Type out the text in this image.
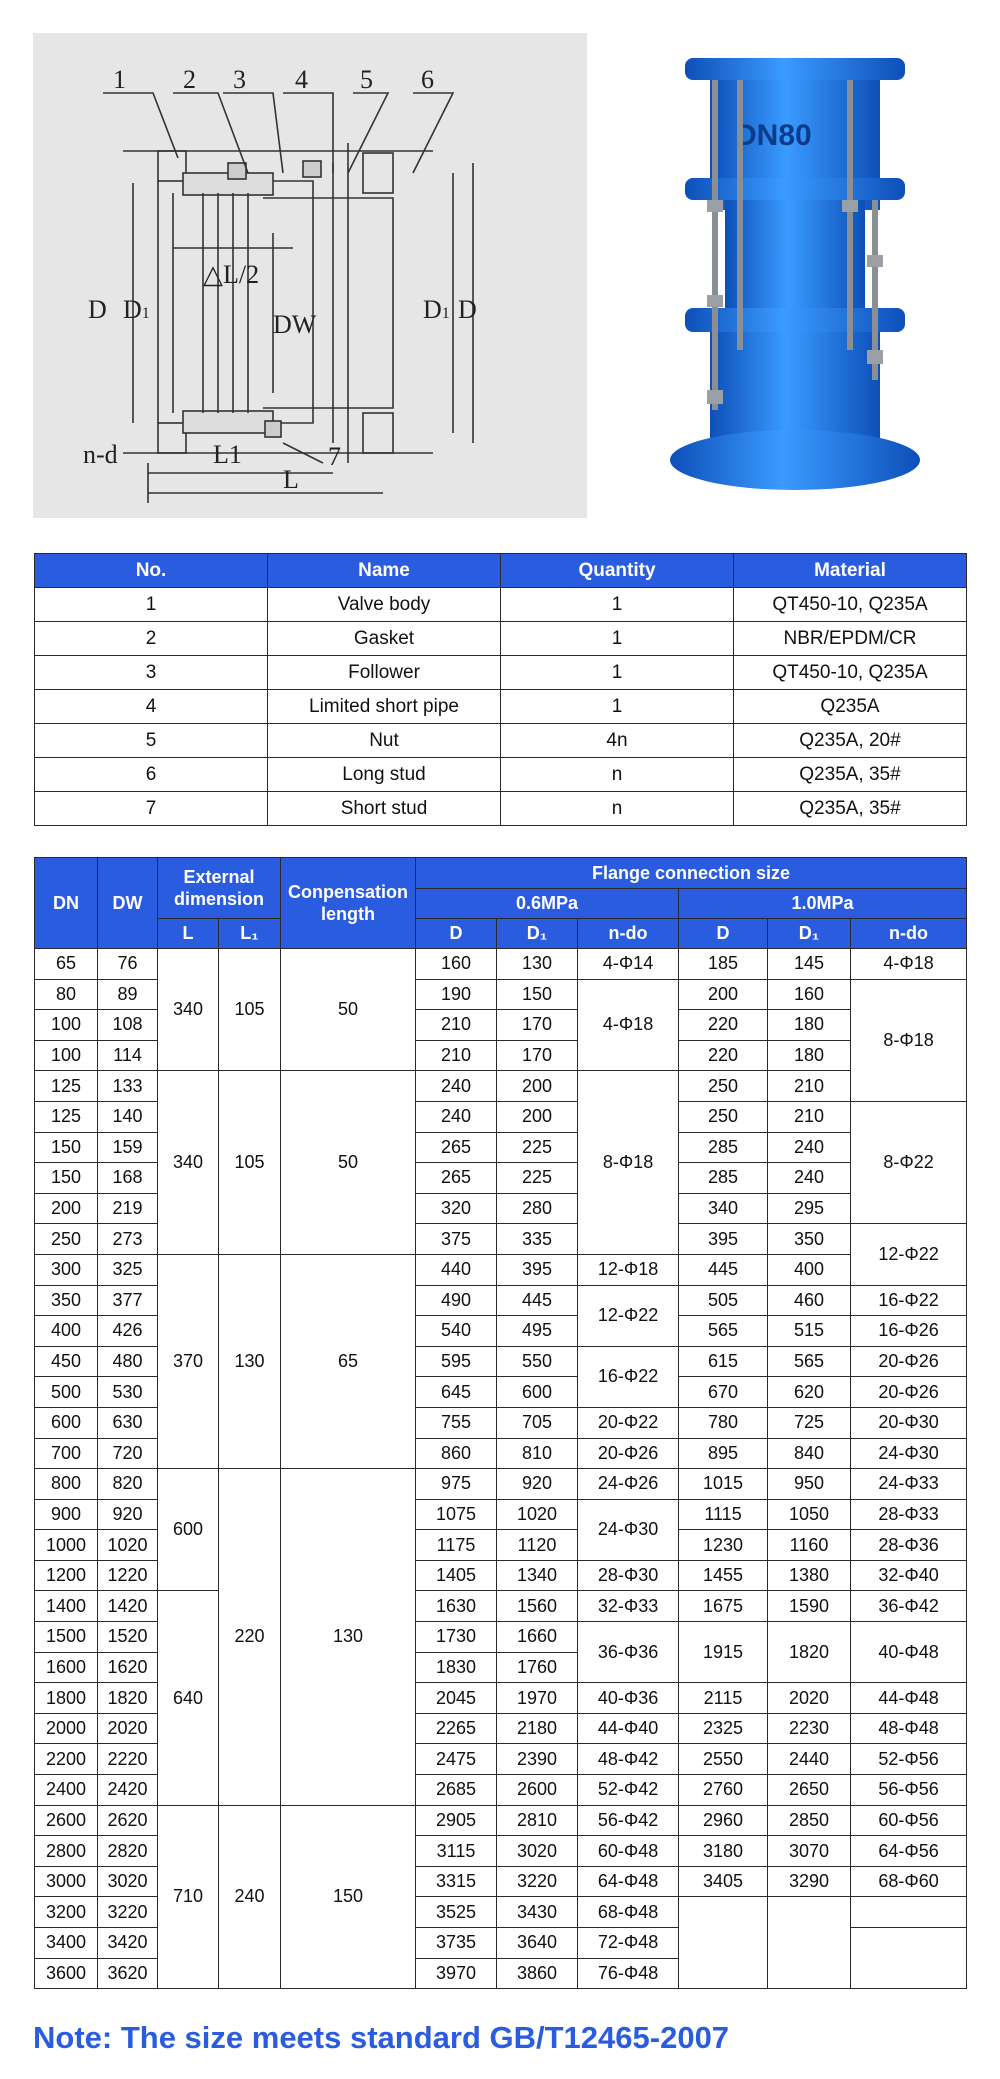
1 2 3 4 5 6
7
D D1	DW
△L/2
L1
L
n-d
D1 D
DN80
No.	Name	Quantity	Material
1	Valve body	1	QT450-10, Q235A
2	Gasket	1	NBR/EPDM/CR
3	Follower	1	QT450-10, Q235A
4	Limited short pipe	1	Q235A
5	Nut	4n	Q235A, 20#
6	Long stud	n	Q235A, 35#
7	Short stud	n	Q235A, 35#
DN	DW	External dimension		Conpensation length	Flange connection size					
					0.6MPa			1.0MPa		
		L	L₁		D	D₁	n-do	D	D₁	n-do
65	76	340	105	50	160	130	4-Φ14	185	145	4-Φ18
80	89				190	150	4-Φ18	200	160	8-Φ18
100	108				210	170		220	180	
100	114				210	170		220	180	
125	133	340	105	50	240	200	8-Φ18	250	210	
125	140				240	200		250	210	8-Φ22
150	159				265	225		285	240	
150	168				265	225		285	240	
200	219				320	280		340	295	
250	273				375	335		395	350	12-Φ22
300	325	370	130	65	440	395	12-Φ18	445	400	
350	377				490	445	12-Φ22	505	460	16-Φ22
400	426				540	495		565	515	16-Φ26
450	480				595	550	16-Φ22	615	565	20-Φ26
500	530				645	600		670	620	20-Φ26
600	630				755	705	20-Φ22	780	725	20-Φ30
700	720				860	810	20-Φ26	895	840	24-Φ30
800	820	600	220	130	975	920	24-Φ26	1015	950	24-Φ33
900	920				1075	1020	24-Φ30	1115	1050	28-Φ33
1000	1020				1175	1120		1230	1160	28-Φ36
1200	1220				1405	1340	28-Φ30	1455	1380	32-Φ40
1400	1420	640			1630	1560	32-Φ33	1675	1590	36-Φ42
1500	1520				1730	1660	36-Φ36	1915	1820	40-Φ48
1600	1620				1830	1760				
1800	1820				2045	1970	40-Φ36	2115	2020	44-Φ48
2000	2020				2265	2180	44-Φ40	2325	2230	48-Φ48
2200	2220				2475	2390	48-Φ42	2550	2440	52-Φ56
2400	2420				2685	2600	52-Φ42	2760	2650	56-Φ56
2600	2620	710	240	150	2905	2810	56-Φ42	2960	2850	60-Φ56
2800	2820				3115	3020	60-Φ48	3180	3070	64-Φ56
3000	3020				3315	3220	64-Φ48	3405	3290	68-Φ60
3200	3220				3525	3430	68-Φ48			
3400	3420				3735	3640	72-Φ48			
3600	3620				3970	3860	76-Φ48			
Note: The size meets standard GB/T12465-2007
